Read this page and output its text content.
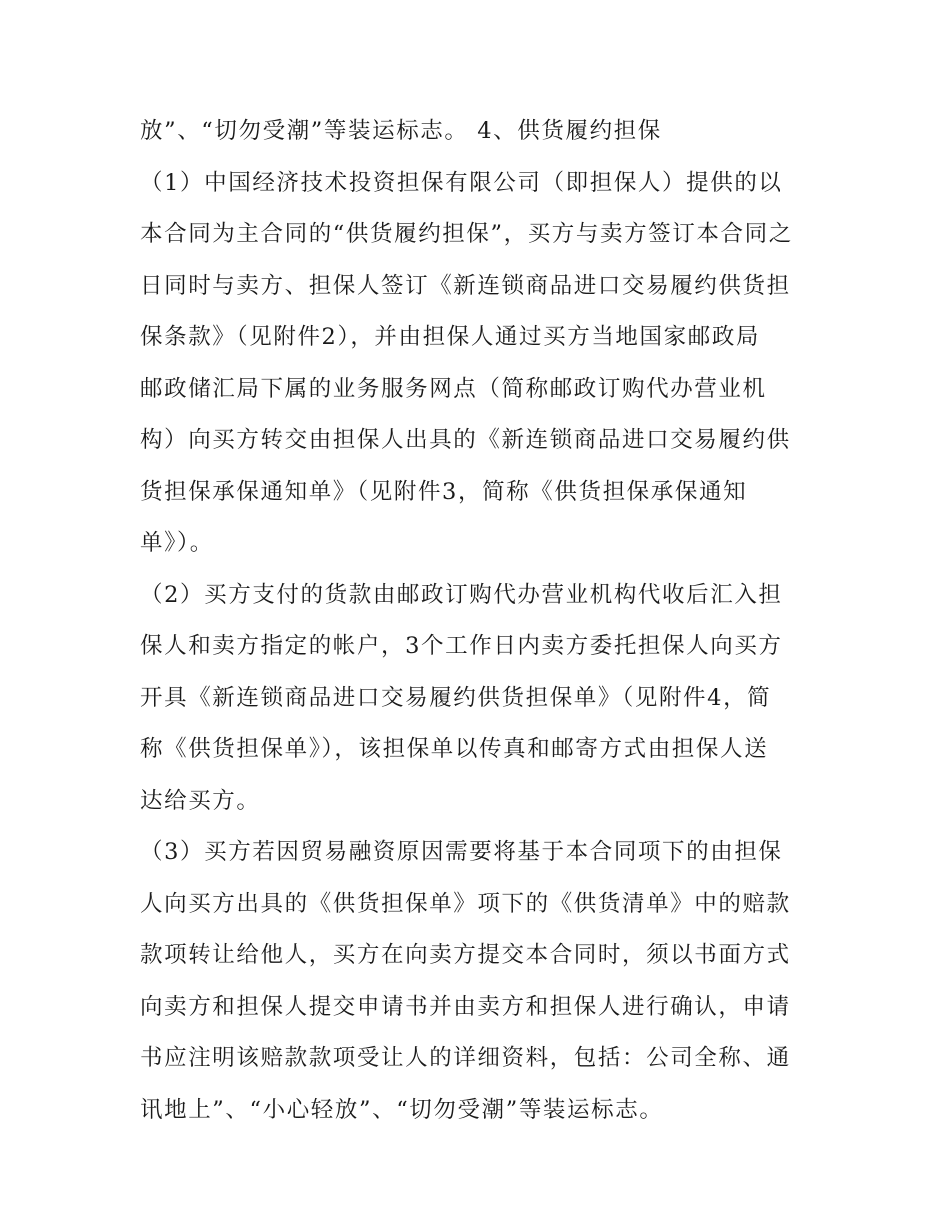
放”、“切勿受潮”等装运标志。 4、供货履约担保
（1）中国经济技术投资担保有限公司（即担保人）提供的以
本合同为主合同的“供货履约担保”，买方与卖方签订本合同之
日同时与卖方、担保人签订《新连锁商品进口交易履约供货担
保条款》（见附件2），并由担保人通过买方当地国家邮政局
邮政储汇局下属的业务服务网点（简称邮政订购代办营业机
构）向买方转交由担保人出具的《新连锁商品进口交易履约供
货担保承保通知单》（见附件3，简称《供货担保承保通知
单》）。
（2）买方支付的货款由邮政订购代办营业机构代收后汇入担
保人和卖方指定的帐户，3个工作日内卖方委托担保人向买方
开具《新连锁商品进口交易履约供货担保单》（见附件4，简
称《供货担保单》），该担保单以传真和邮寄方式由担保人送
达给买方。
（3）买方若因贸易融资原因需要将基于本合同项下的由担保
人向买方出具的《供货担保单》项下的《供货清单》中的赔款
款项转让给他人，买方在向卖方提交本合同时，须以书面方式
向卖方和担保人提交申请书并由卖方和担保人进行确认，申请
书应注明该赔款款项受让人的详细资料，包括：公司全称、通
讯地上”、“小心轻放”、“切勿受潮”等装运标志。
